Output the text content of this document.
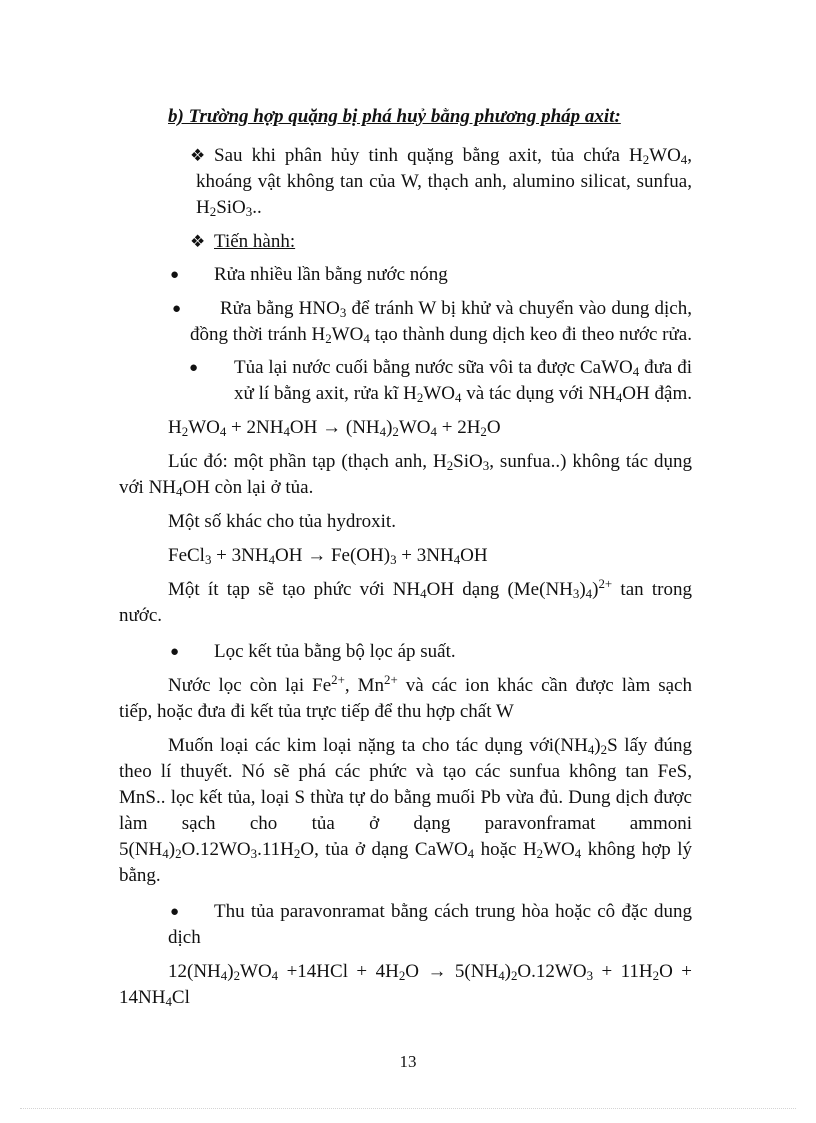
b) Trường hợp quặng bị phá huỷ bằng phương pháp axit:
❖ Sau khi phân hủy tinh quặng bằng axit, tủa chứa $H_2WO_4$,
khoáng vật không tan của W, thạch anh, alumino silicat, sunfua,
$H_2SiO_3$..
❖ Tiến hành:
● Rửa nhiều lần bằng nước nóng
● Rửa bằng $HNO_3$ để tránh W bị khử và chuyển vào dung dịch,
đồng thời tránh $H_2WO_4$ tạo thành dung dịch keo đi theo nước rửa.
● Tủa lại nước cuối bằng nước sữa vôi ta được CaWO$_4$ đưa đi
xử lí bằng axit, rửa kĩ $H_2WO_4$ và tác dụng với $NH_4OH$ đậm.
$H_2WO_4 + 2NH_4OH \to (NH_4)_2WO_4 + 2H_2O$
Lúc đó: một phần tạp (thạch anh, $H_2SiO_3$, sunfua..) không tác dụng
với $NH_4OH$ còn lại ở tủa.
Một số khác cho tủa hydroxit.
FeCl$_3$ + $3NH_4OH \to Fe(OH)_3 + 3NH_4OH$
Một ít tạp sẽ tạo phức với $NH_4OH$ dạng $(Me(NH_3)_4)^{2+}$ tan trong
nước.
● Lọc kết tủa bằng bộ lọc áp suất.
Nước lọc còn lại $Fe^{2+}$, $Mn^{2+}$ và các ion khác cần được làm sạch
tiếp, hoặc đưa đi kết tủa trực tiếp để thu hợp chất W
Muốn loại các kim loại nặng ta cho tác dụng $với(NH_4)_2S$ lấy đúng
theo lí thuyết. Nó sẽ phá các phức và tạo các sunfua không tan FeS,
MnS.. lọc kết tủa, loại S thừa tự do bằng muối Pb vừa đủ. Dung dịch được
làm sạch cho tủa ở dạng paravonframat ammoni
$5(NH_4)_2O.12WO_3.11H_2O$, tủa ở dạng CaWO$_4$ hoặc $H_2WO_4$ không hợp lý
bằng.
● Thu tủa paravonramat bằng cách trung hòa hoặc cô đặc dung
dịch
$12(NH_4)_2WO_4 +14HCl + 4H_2O \to 5(NH_4)_2O.12WO_3 + 11H_2O$ +
$14NH_4Cl$
13
